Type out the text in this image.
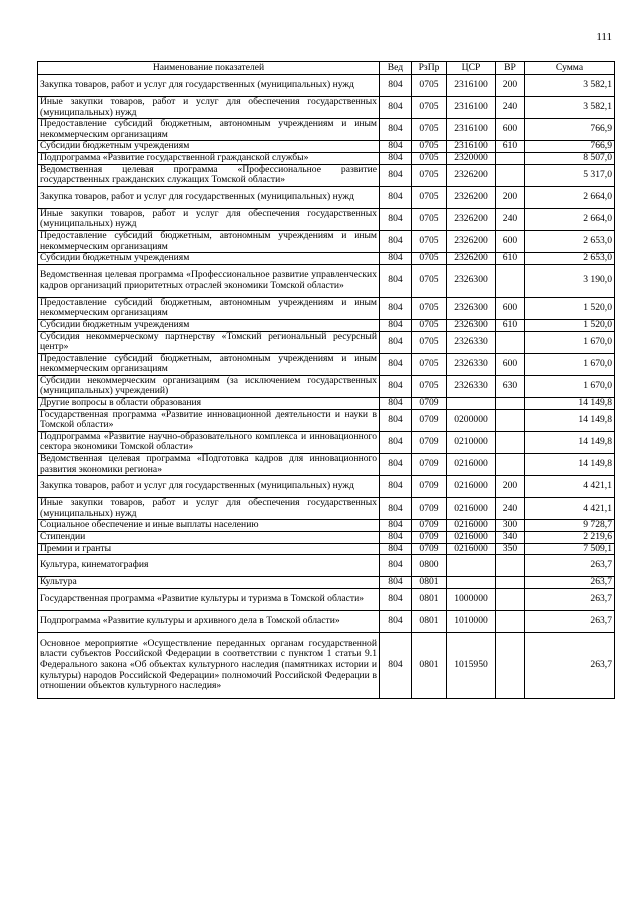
111
Наименование показателей	Вед	РзПр	ЦСР	ВР	Сумма
Закупка товаров, работ и услуг для государственных (муниципальных) нужд	804	0705	2316100	200	3 582,1
Иные закупки товаров, работ и услуг для обеспечения государственных (муниципальных) нужд	804	0705	2316100	240	3 582,1
Предоставление субсидий бюджетным, автономным учреждениям и иным некоммерческим организациям	804	0705	2316100	600	766,9
Субсидии бюджетным учреждениям	804	0705	2316100	610	766,9
Подпрограмма «Развитие государственной гражданской службы»	804	0705	2320000		8 507,0
Ведомственная целевая программа «Профессиональное развитие государственных гражданских служащих Томской области»	804	0705	2326200		5 317,0
Закупка товаров, работ и услуг для государственных (муниципальных) нужд	804	0705	2326200	200	2 664,0
Иные закупки товаров, работ и услуг для обеспечения государственных (муниципальных) нужд	804	0705	2326200	240	2 664,0
Предоставление субсидий бюджетным, автономным учреждениям и иным некоммерческим организациям	804	0705	2326200	600	2 653,0
Субсидии бюджетным учреждениям	804	0705	2326200	610	2 653,0
Ведомственная целевая программа «Профессиональное развитие управленческих кадров организаций приоритетных отраслей экономики Томской области»	804	0705	2326300		3 190,0
Предоставление субсидий бюджетным, автономным учреждениям и иным некоммерческим организациям	804	0705	2326300	600	1 520,0
Субсидии бюджетным учреждениям	804	0705	2326300	610	1 520,0
Субсидия некоммерческому партнерству «Томский региональный ресурсный центр»	804	0705	2326330		1 670,0
Предоставление субсидий бюджетным, автономным учреждениям и иным некоммерческим организациям	804	0705	2326330	600	1 670,0
Субсидии некоммерческим организациям (за исключением государственных (муниципальных) учреждений)	804	0705	2326330	630	1 670,0
Другие вопросы в области образования	804	0709			14 149,8
Государственная программа «Развитие инновационной деятельности и науки в Томской области»	804	0709	0200000		14 149,8
Подпрограмма «Развитие научно-образовательного комплекса и инновационного сектора экономики Томской области»	804	0709	0210000		14 149,8
Ведомственная целевая программа «Подготовка кадров для инновационного развития экономики региона»	804	0709	0216000		14 149,8
Закупка товаров, работ и услуг для государственных (муниципальных) нужд	804	0709	0216000	200	4 421,1
Иные закупки товаров, работ и услуг для обеспечения государственных (муниципальных) нужд	804	0709	0216000	240	4 421,1
Социальное обеспечение и иные выплаты населению	804	0709	0216000	300	9 728,7
Стипендии	804	0709	0216000	340	2 219,6
Премии и гранты	804	0709	0216000	350	7 509,1
Культура, кинематография	804	0800			263,7
Культура	804	0801			263,7
Государственная программа «Развитие культуры и туризма в Томской области»	804	0801	1000000		263,7
Подпрограмма «Развитие культуры и архивного дела в Томской области»	804	0801	1010000		263,7
Основное мероприятие «Осуществление переданных органам государственной власти субъектов Российской Федерации в соответствии с пунктом 1 статьи 9.1 Федерального закона «Об объектах культурного наследия (памятниках истории и культуры) народов Российской Федерации» полномочий Российской Федерации в отношении объектов культурного наследия»	804	0801	1015950		263,7
